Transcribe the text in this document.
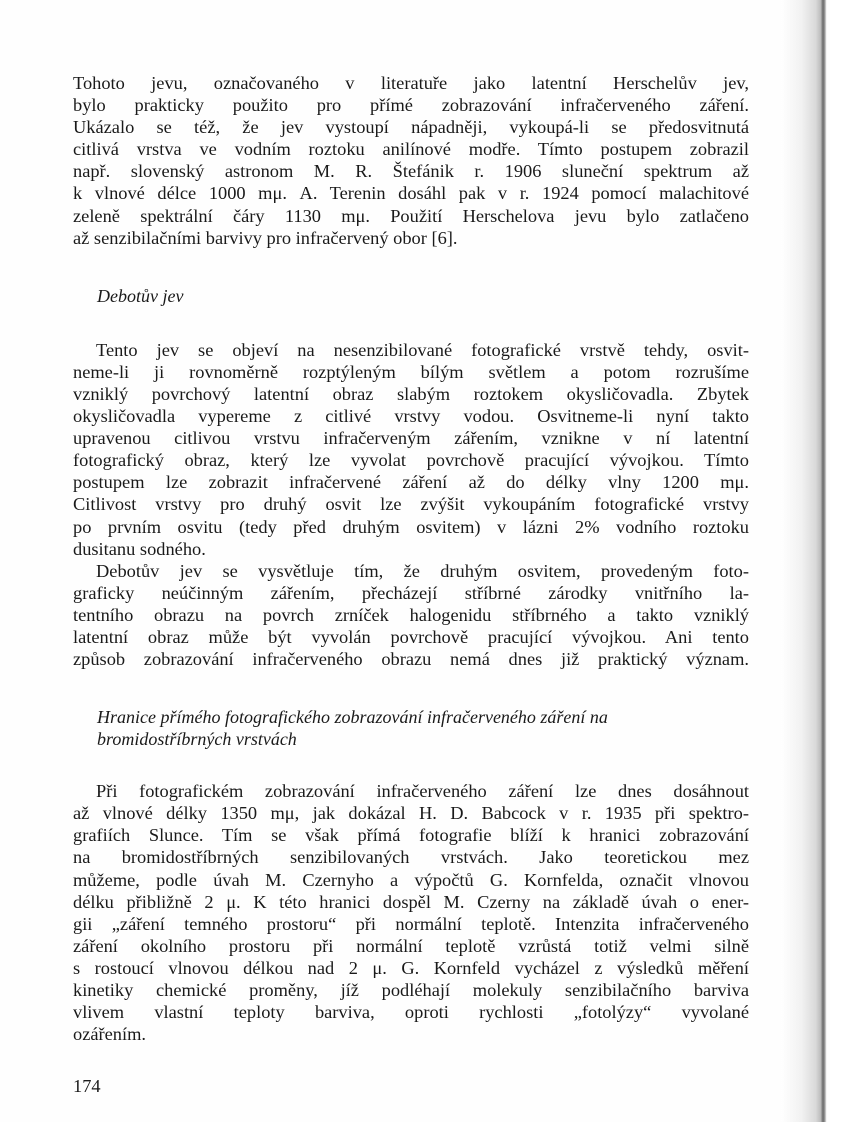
Tohoto jevu, označovaného v literatuře jako latentní Herschelův jev,
bylo prakticky použito pro přímé zobrazování infračerveného záření.
Ukázalo se též, že jev vystoupí nápadněji, vykoupá-li se předosvitnutá
citlivá vrstva ve vodním roztoku anilínové modře. Tímto postupem zobrazil
např. slovenský astronom M. R. Štefánik r. 1906 sluneční spektrum až
k vlnové délce 1000 mμ. A. Terenin dosáhl pak v r. 1924 pomocí malachitové
zeleně spektrální čáry 1130 mμ. Použití Herschelova jevu bylo zatlačeno
až senzibilačními barvivy pro infračervený obor [6].

Debotův jev

Tento jev se objeví na nesenzibilované fotografické vrstvě tehdy, osvit-
neme-li ji rovnoměrně rozptýleným bílým světlem a potom rozrušíme
vzniklý povrchový latentní obraz slabým roztokem okysličovadla. Zbytek
okysličovadla vypereme z citlivé vrstvy vodou. Osvitneme-li nyní takto
upravenou citlivou vrstvu infračerveným zářením, vznikne v ní latentní
fotografický obraz, který lze vyvolat povrchově pracující vývojkou. Tímto
postupem lze zobrazit infračervené záření až do délky vlny 1200 mμ.
Citlivost vrstvy pro druhý osvit lze zvýšit vykoupáním fotografické vrstvy
po prvním osvitu (tedy před druhým osvitem) v lázni 2% vodního roztoku
dusitanu sodného.

Debotův jev se vysvětluje tím, že druhým osvitem, provedeným foto-
graficky neúčinným zářením, přecházejí stříbrné zárodky vnitřního la-
tentního obrazu na povrch zrníček halogenidu stříbrného a takto vzniklý
latentní obraz může být vyvolán povrchově pracující vývojkou. Ani tento
způsob zobrazování infračerveného obrazu nemá dnes již praktický význam.

Hranice přímého fotografického zobrazování infračerveného záření na
bromidostříbrných vrstvách

Při fotografickém zobrazování infračerveného záření lze dnes dosáhnout
až vlnové délky 1350 mμ, jak dokázal H. D. Babcock v r. 1935 při spektro-
grafiích Slunce. Tím se však přímá fotografie blíží k hranici zobrazování
na bromidostříbrných senzibilovaných vrstvách. Jako teoretickou mez
můžeme, podle úvah M. Czernyho a výpočtů G. Kornfelda, označit vlnovou
délku přibližně 2 μ. K této hranici dospěl M. Czerny na základě úvah o ener-
gii „záření temného prostoru“ při normální teplotě. Intenzita infračerveného
záření okolního prostoru při normální teplotě vzrůstá totiž velmi silně
s rostoucí vlnovou délkou nad 2 μ. G. Kornfeld vycházel z výsledků měření
kinetiky chemické proměny, jíž podléhají molekuly senzibilačního barviva
vlivem vlastní teploty barviva, oproti rychlosti „fotolýzy“ vyvolané
ozářením.

174
